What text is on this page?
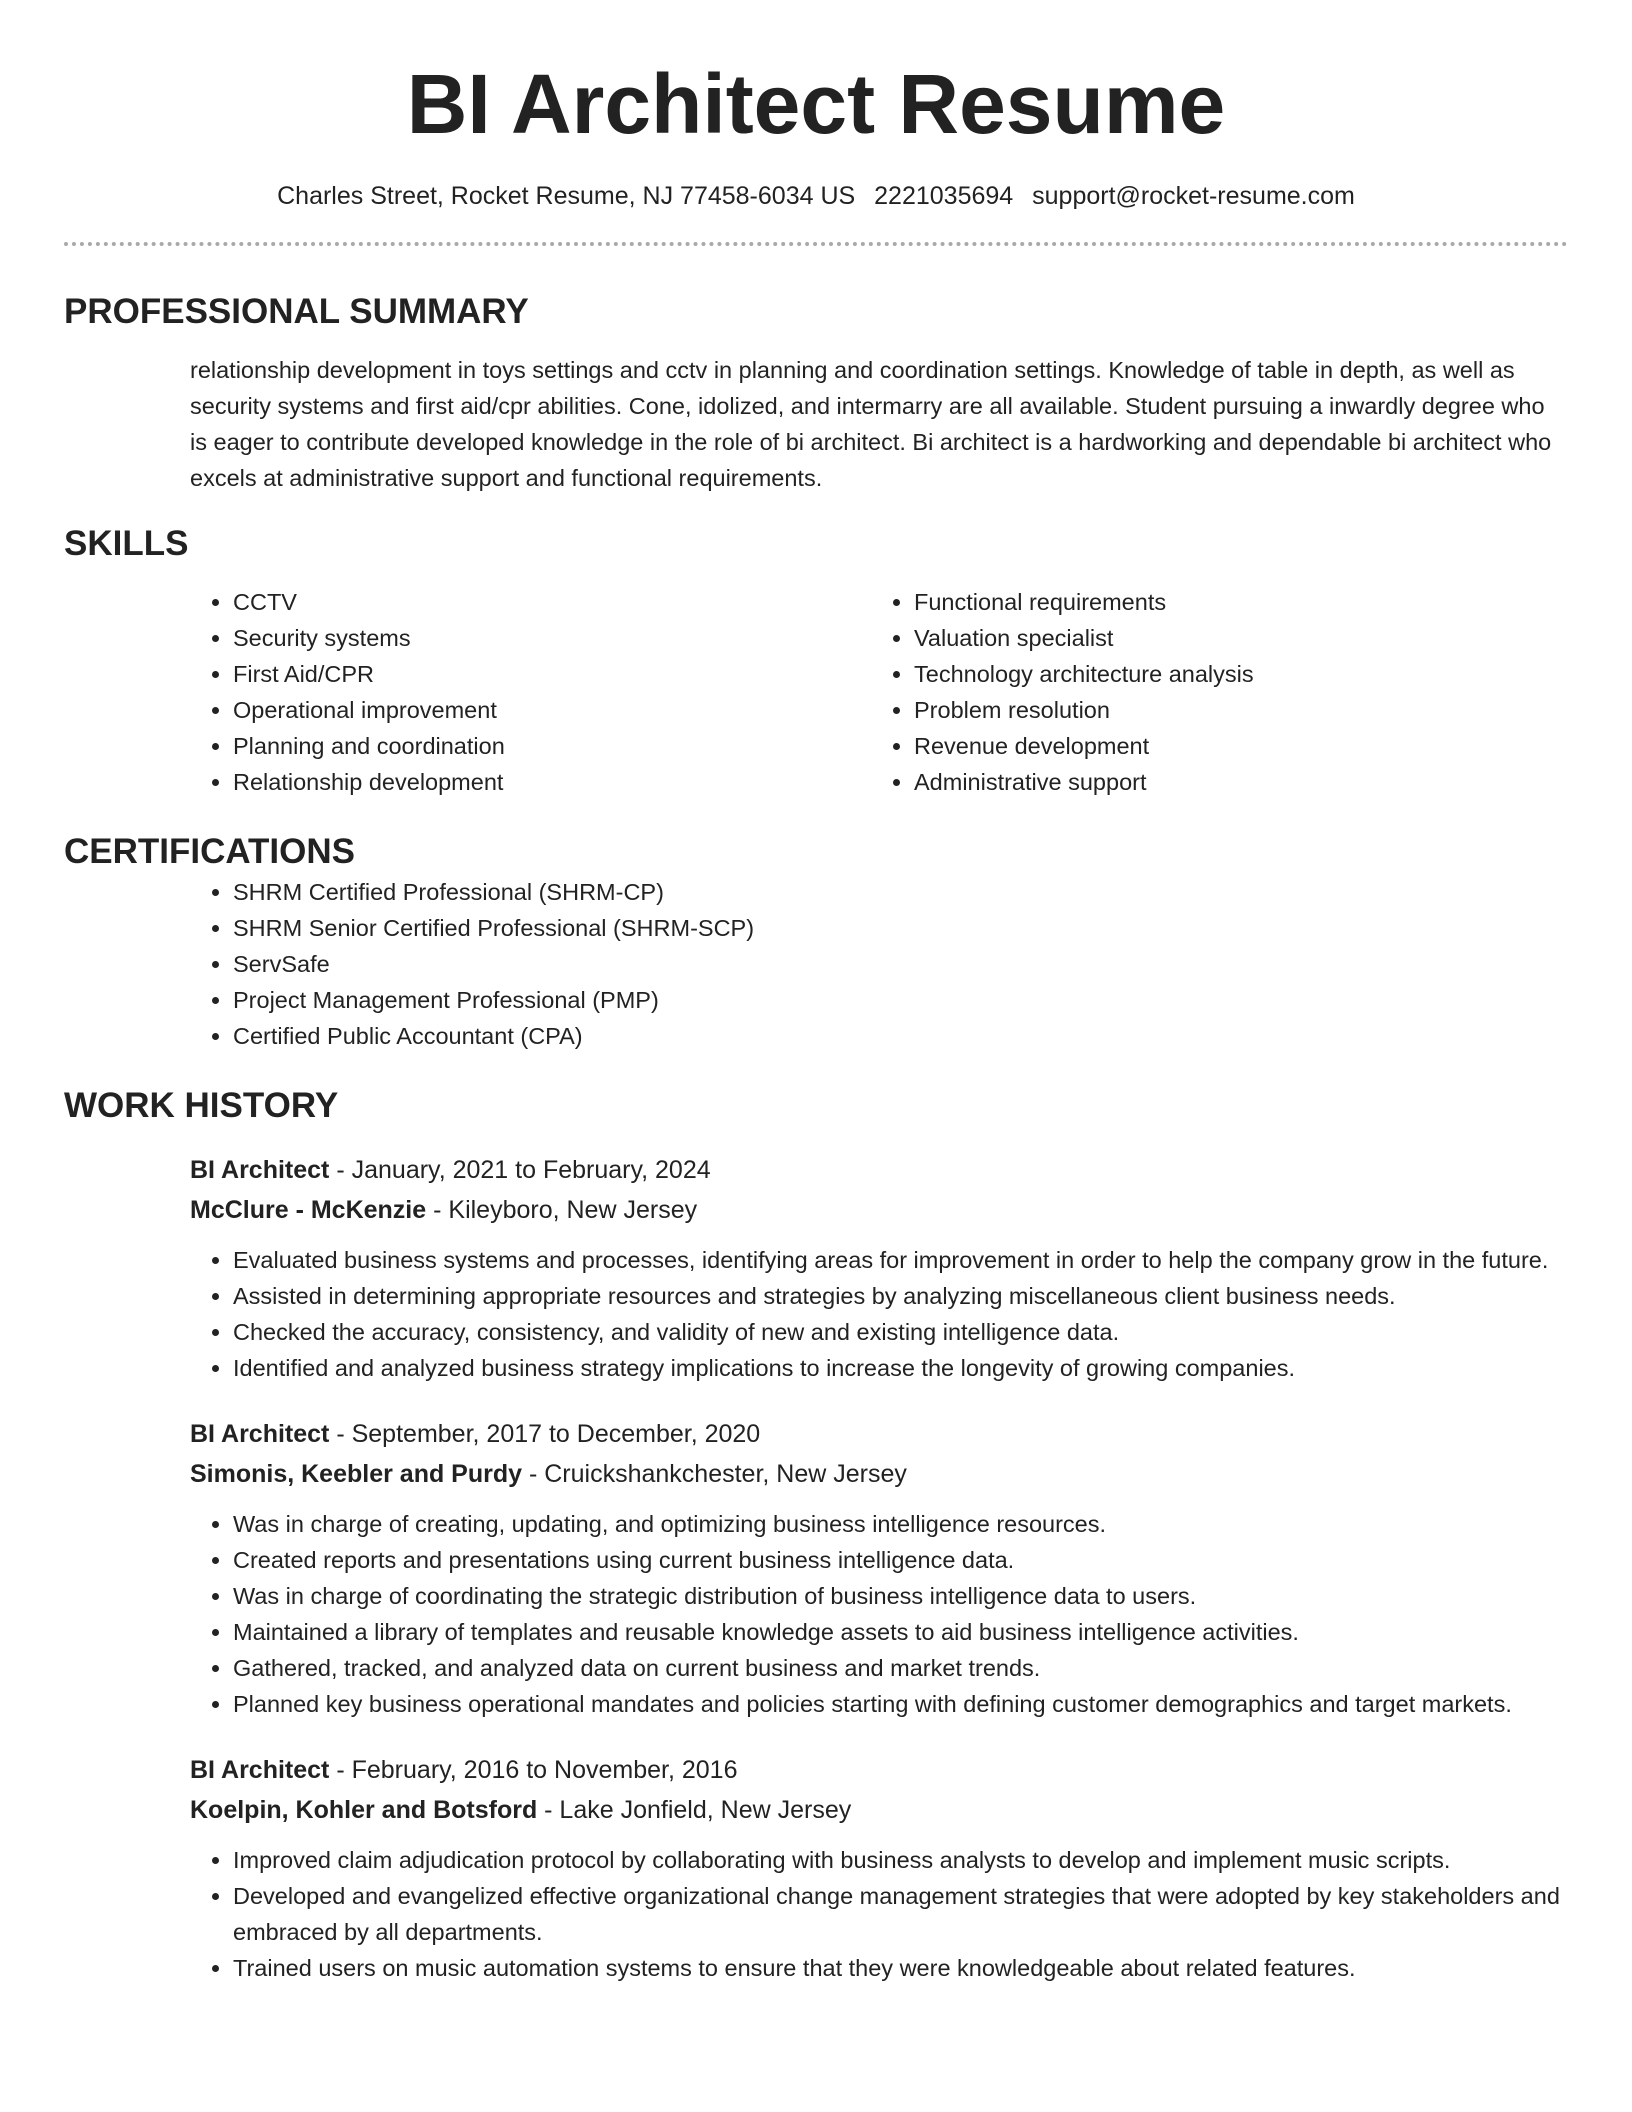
BI Architect Resume
Charles Street, Rocket Resume, NJ 77458-6034 US 2221035694 support@rocket-resume.com
PROFESSIONAL SUMMARY

relationship development in toys settings and cctv in planning and coordination settings. Knowledge of table in depth, as well as security systems and first aid/cpr abilities. Cone, idolized, and intermarry are all available. Student pursuing a inwardly degree who is eager to contribute developed knowledge in the role of bi architect. Bi architect is a hardworking and dependable bi architect who excels at administrative support and functional requirements.

SKILLS
• CCTV
• Security systems
• First Aid/CPR
• Operational improvement
• Planning and coordination
• Relationship development
• Functional requirements
• Valuation specialist
• Technology architecture analysis
• Problem resolution
• Revenue development
• Administrative support
CERTIFICATIONS
• SHRM Certified Professional (SHRM-CP)
• SHRM Senior Certified Professional (SHRM-SCP)
• ServSafe
• Project Management Professional (PMP)
• Certified Public Accountant (CPA)
WORK HISTORY
BI Architect - January, 2021 to February, 2024
McClure - McKenzie - Kileyboro, New Jersey
• Evaluated business systems and processes, identifying areas for improvement in order to help the company grow in the future.
• Assisted in determining appropriate resources and strategies by analyzing miscellaneous client business needs.
• Checked the accuracy, consistency, and validity of new and existing intelligence data.
• Identified and analyzed business strategy implications to increase the longevity of growing companies.
BI Architect - September, 2017 to December, 2020
Simonis, Keebler and Purdy - Cruickshankchester, New Jersey
• Was in charge of creating, updating, and optimizing business intelligence resources.
• Created reports and presentations using current business intelligence data.
• Was in charge of coordinating the strategic distribution of business intelligence data to users.
• Maintained a library of templates and reusable knowledge assets to aid business intelligence activities.
• Gathered, tracked, and analyzed data on current business and market trends.
• Planned key business operational mandates and policies starting with defining customer demographics and target markets.
BI Architect - February, 2016 to November, 2016
Koelpin, Kohler and Botsford - Lake Jonfield, New Jersey
• Improved claim adjudication protocol by collaborating with business analysts to develop and implement music scripts.
• Developed and evangelized effective organizational change management strategies that were adopted by key stakeholders and embraced by all departments.
• Trained users on music automation systems to ensure that they were knowledgeable about related features.
